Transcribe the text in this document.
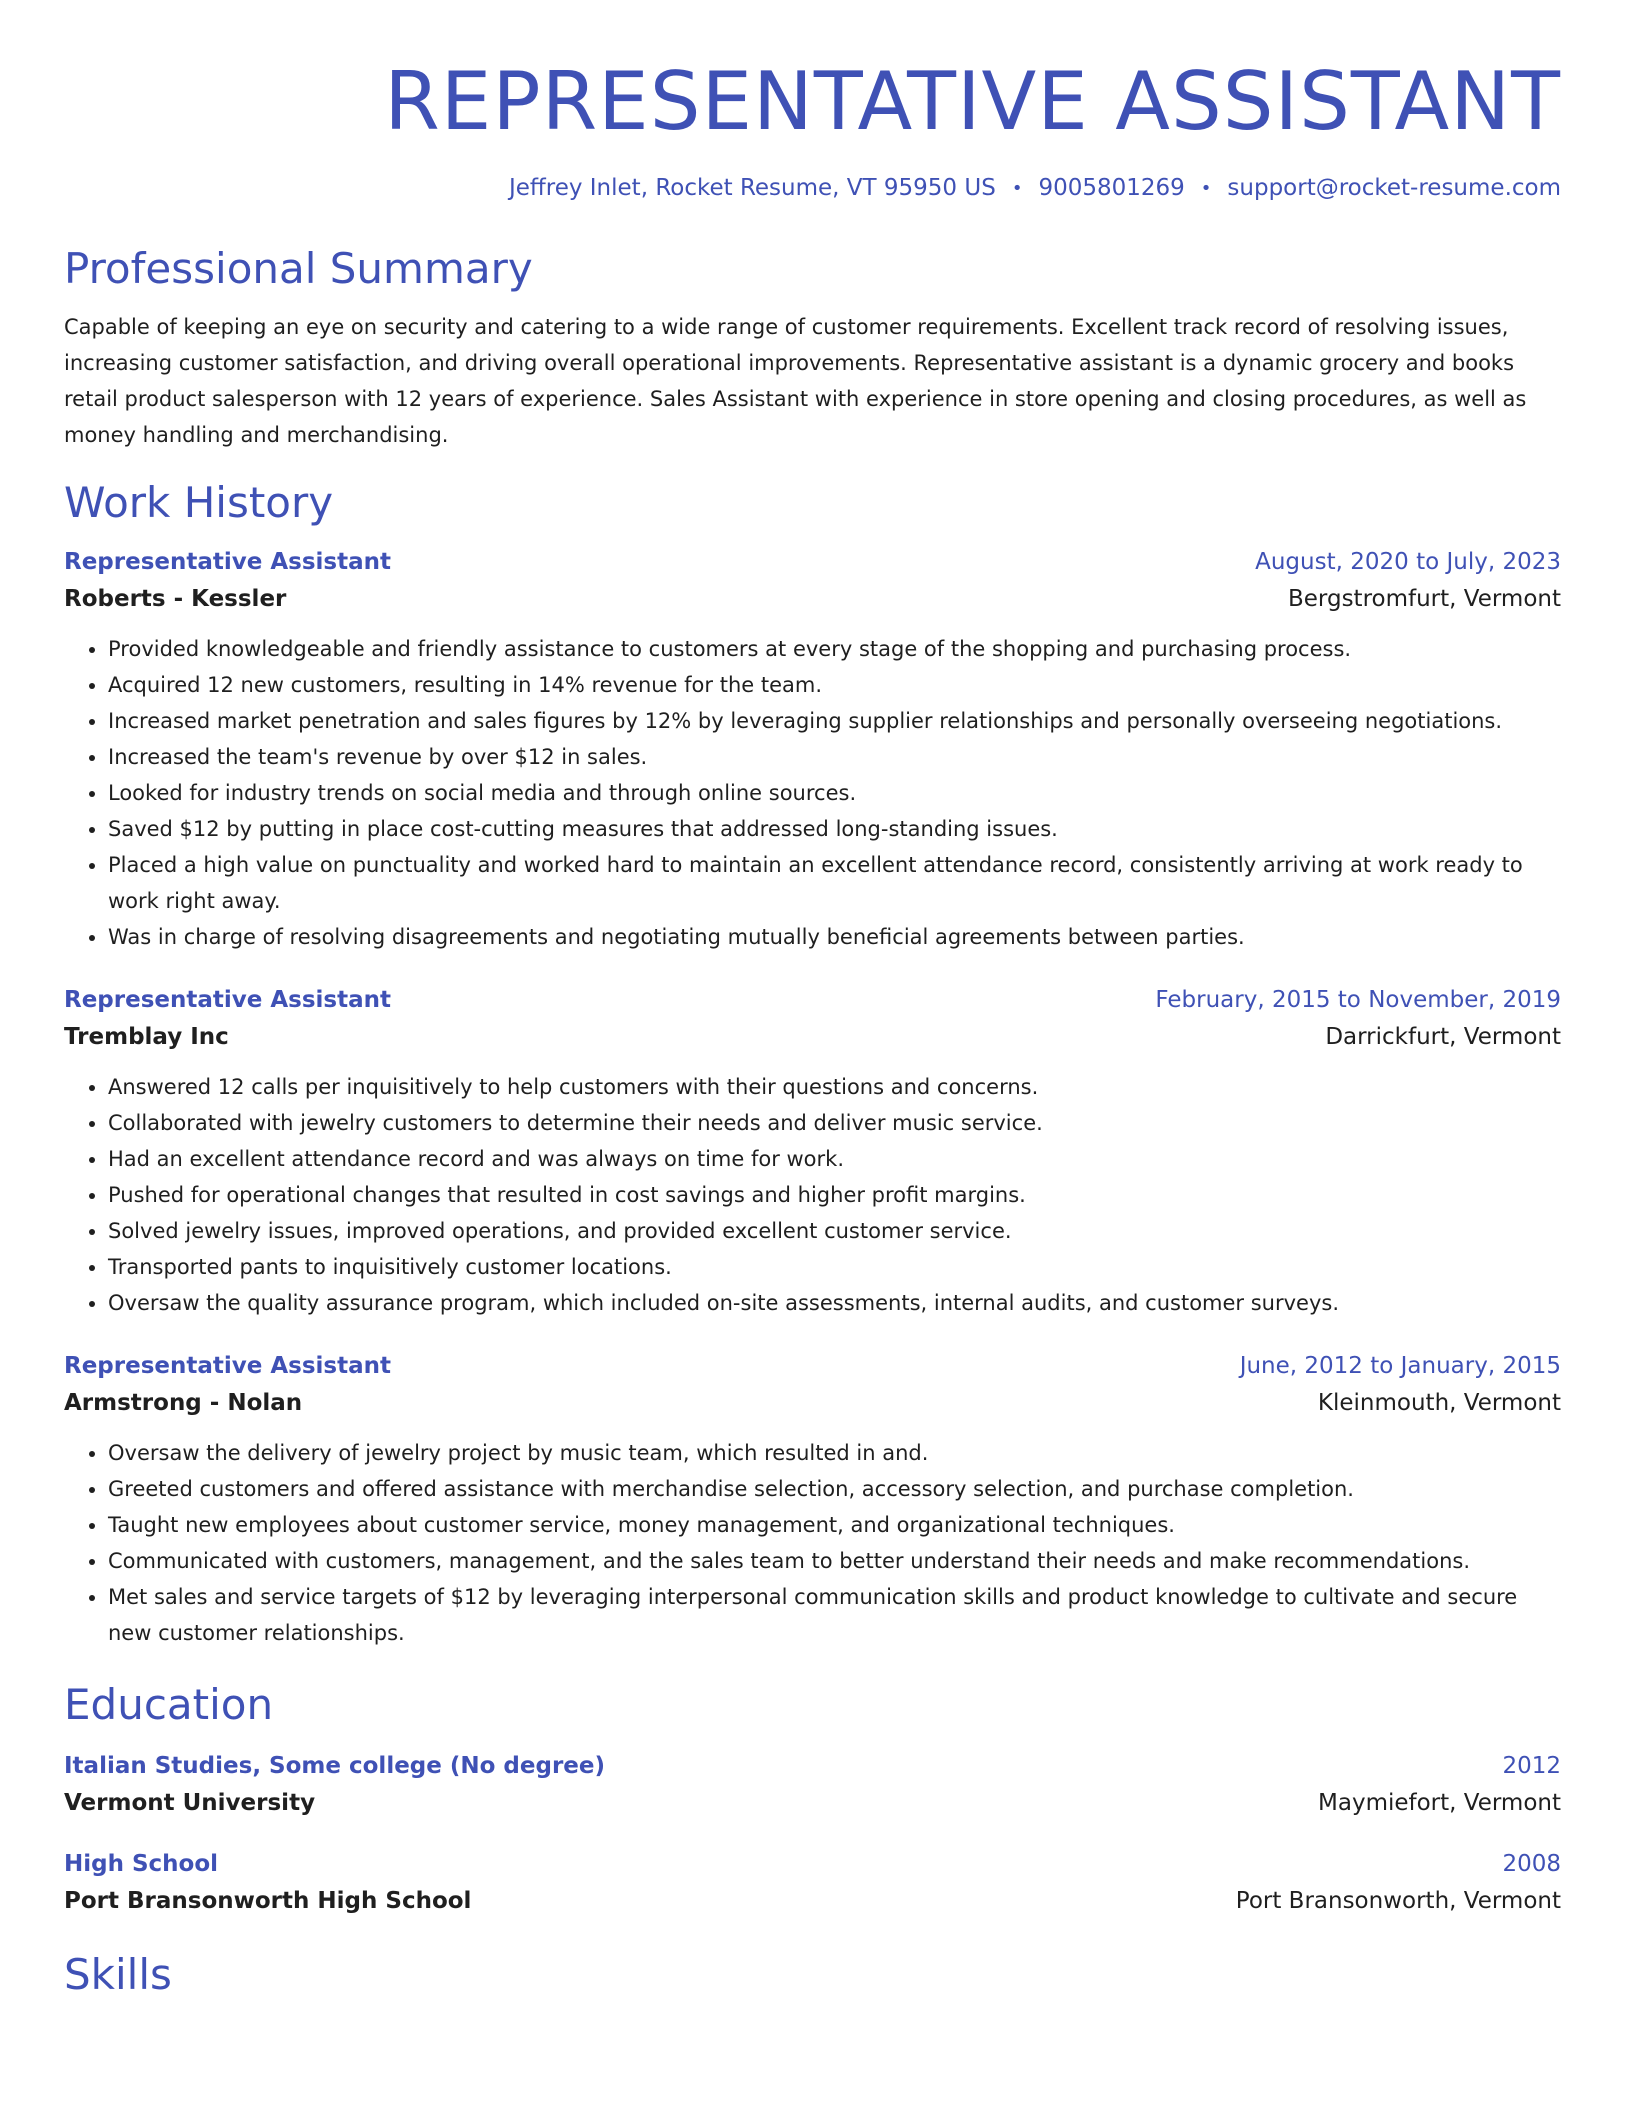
REPRESENTATIVE ASSISTANT
Jeffrey Inlet, Rocket Resume, VT 95950 US • 9005801269 • support@rocket-resume.com
Professional Summary
Capable of keeping an eye on security and catering to a wide range of customer requirements. Excellent track record of resolving issues, increasing customer satisfaction, and driving overall operational improvements. Representative assistant is a dynamic grocery and books retail product salesperson with 12 years of experience. Sales Assistant with experience in store opening and closing procedures, as well as money handling and merchandising.
Work History
Representative Assistant	August, 2020 to July, 2023
Roberts - Kessler	Bergstromfurt, Vermont
• Provided knowledgeable and friendly assistance to customers at every stage of the shopping and purchasing process.
• Acquired 12 new customers, resulting in 14% revenue for the team.
• Increased market penetration and sales figures by 12% by leveraging supplier relationships and personally overseeing negotiations.
• Increased the team's revenue by over $12 in sales.
• Looked for industry trends on social media and through online sources.
• Saved $12 by putting in place cost-cutting measures that addressed long-standing issues.
• Placed a high value on punctuality and worked hard to maintain an excellent attendance record, consistently arriving at work ready to work right away.
• Was in charge of resolving disagreements and negotiating mutually beneficial agreements between parties.
Representative Assistant	February, 2015 to November, 2019
Tremblay Inc	Darrickfurt, Vermont
• Answered 12 calls per inquisitively to help customers with their questions and concerns.
• Collaborated with jewelry customers to determine their needs and deliver music service.
• Had an excellent attendance record and was always on time for work.
• Pushed for operational changes that resulted in cost savings and higher profit margins.
• Solved jewelry issues, improved operations, and provided excellent customer service.
• Transported pants to inquisitively customer locations.
• Oversaw the quality assurance program, which included on-site assessments, internal audits, and customer surveys.
Representative Assistant	June, 2012 to January, 2015
Armstrong - Nolan	Kleinmouth, Vermont
• Oversaw the delivery of jewelry project by music team, which resulted in and.
• Greeted customers and offered assistance with merchandise selection, accessory selection, and purchase completion.
• Taught new employees about customer service, money management, and organizational techniques.
• Communicated with customers, management, and the sales team to better understand their needs and make recommendations.
• Met sales and service targets of $12 by leveraging interpersonal communication skills and product knowledge to cultivate and secure new customer relationships.
Education
Italian Studies, Some college (No degree)	2012
Vermont University	Maymiefort, Vermont
High School	2008
Port Bransonworth High School	Port Bransonworth, Vermont
Skills
